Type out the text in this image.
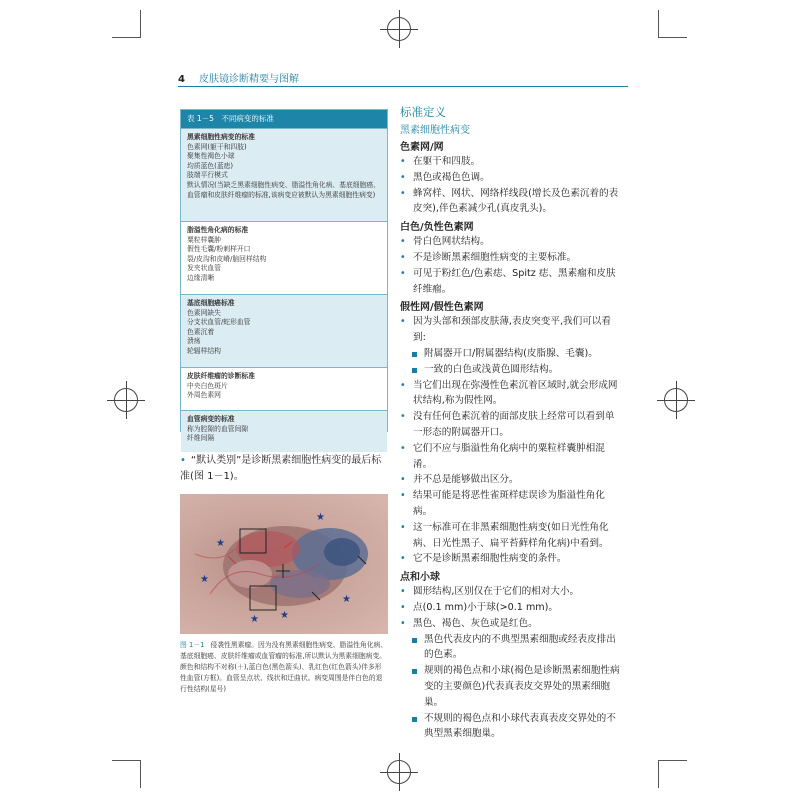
4 皮肤镜诊断精要与图解
表 1－5　不同病变的标准
黑素细胞性病变的标准
色素网(躯干和四肢)
聚集性褐色小球
均质蓝色(蓝痣)
肢端平行模式
默认情况(当缺乏黑素细胞性病变、脂溢性角化病、基底细胞癌、血管瘤和皮肤纤维瘤的标准,该病变应被默认为黑素细胞性病变)
脂溢性角化病的标准
粟粒样囊肿
假性毛囊/粉刺样开口
裂/皮沟和皮嵴/脑回样结构
发夹状血管
边缘清晰
基底细胞癌标准
色素网缺失
分支状血管/蛇形血管
色素沉着
溃疡
轮辐样结构
皮肤纤维瘤的诊断标准
中央白色斑片
外周色素网
血管病变的标准
称为腔隙的血管间隙
纤维间隔
• “默认类别”是诊断黑素细胞性病变的最后标准(图 1－1)。
★
★
★ ★
★
★
图 1－1 侵袭性黑素瘤。因为没有黑素细胞性病变、脂溢性角化病、基底细胞癌、皮肤纤维瘤或血管瘤的标准,所以默认为黑素细胞病变。颜色和结构不对称(＋),蓝白色(黑色箭头)、乳红色(红色箭头)伴多形性血管(方框)。血管呈点状、线状和迂曲状。病变周围是伴白色的退行性结构(星号)
标准定义
黑素细胞性病变
色素网/网
• 在躯干和四肢。
• 黑色或褐色色调。
• 蜂窝样、网状、网络样线段(增长及色素沉着的表皮突),伴色素减少孔(真皮乳头)。
白色/负性色素网
• 骨白色网状结构。
• 不是诊断黑素细胞性病变的主要标准。
• 可见于粉红色/色素痣、Spitz 痣、黑素瘤和皮肤纤维瘤。
假性网/假性色素网
• 因为头部和颈部皮肤薄,表皮突变平,我们可以看到:
附属器开口/附属器结构(皮脂腺、毛囊)。
一致的白色或浅黄色圆形结构。
• 当它们出现在弥漫性色素沉着区域时,就会形成网状结构,称为假性网。
• 没有任何色素沉着的面部皮肤上经常可以看到单一形态的附属器开口。
• 它们不应与脂溢性角化病中的粟粒样囊肿相混淆。
• 并不总是能够做出区分。
• 结果可能是将恶性雀斑样痣误诊为脂溢性角化病。
• 这一标准可在非黑素细胞性病变(如日光性角化病、日光性黑子、扁平苔藓样角化病)中看到。
• 它不是诊断黑素细胞性病变的条件。
点和小球
• 圆形结构,区别仅在于它们的相对大小。
• 点(0.1 mm)小于球(>0.1 mm)。
• 黑色、褐色、灰色或是红色。
黑色代表皮内的不典型黑素细胞或经表皮排出的色素。
规则的褐色点和小球(褐色是诊断黑素细胞性病变的主要颜色)代表真表皮交界处的黑素细胞巢。
不规则的褐色点和小球代表真表皮交界处的不典型黑素细胞巢。
